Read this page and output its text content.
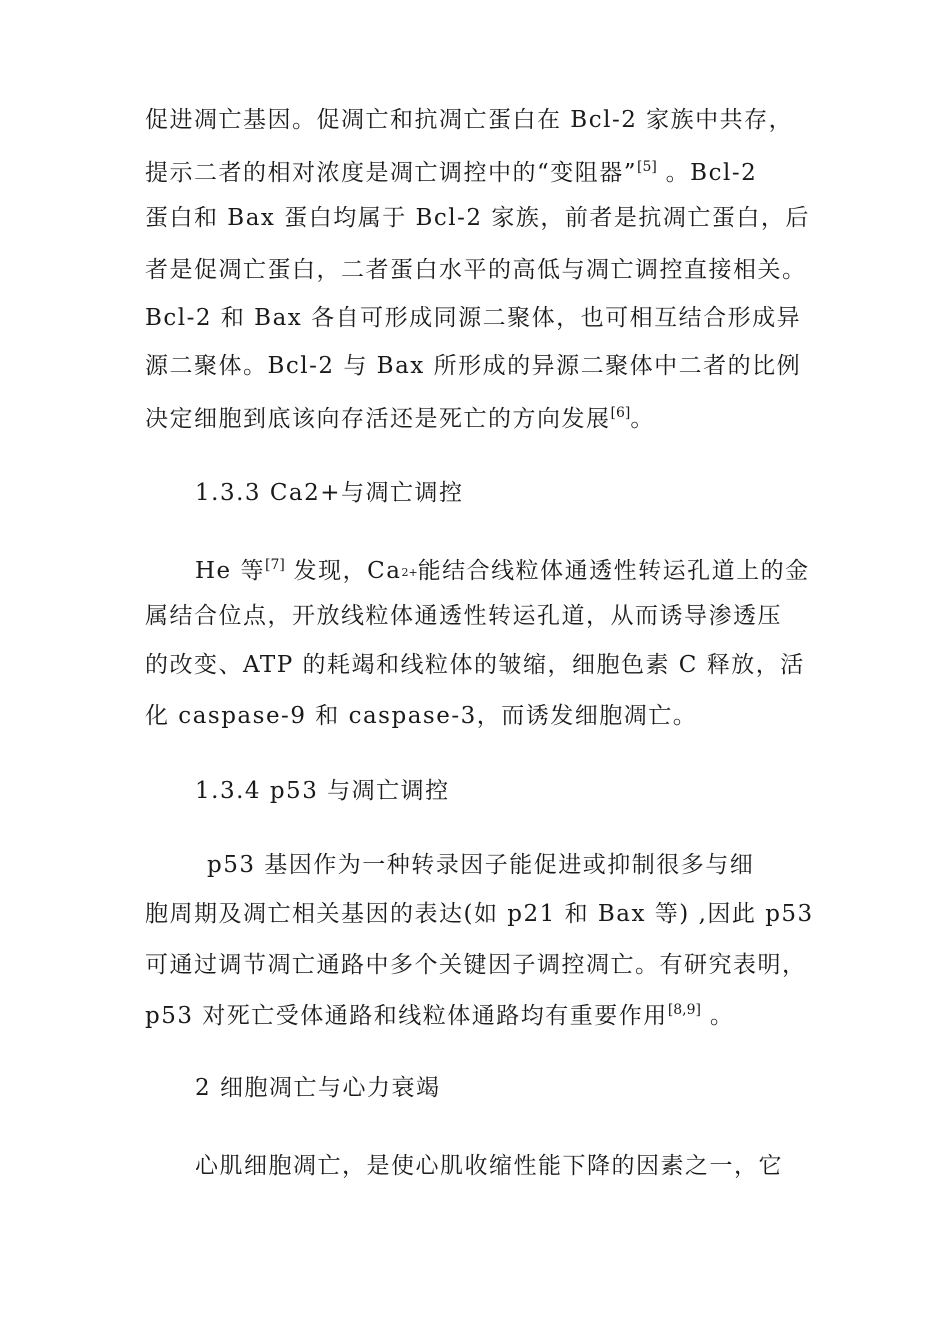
促进凋亡基因。促凋亡和抗凋亡蛋白在 Bcl-2 家族中共存，
提示二者的相对浓度是凋亡调控中的“变阻器”[5] 。Bcl-2
蛋白和 Bax 蛋白均属于 Bcl-2 家族，前者是抗凋亡蛋白，后
者是促凋亡蛋白，二者蛋白水平的高低与凋亡调控直接相关。
Bcl-2 和 Bax 各自可形成同源二聚体，也可相互结合形成异
源二聚体。Bcl-2 与 Bax 所形成的异源二聚体中二者的比例
决定细胞到底该向存活还是死亡的方向发展[6]。
1.3.3 Ca2+与凋亡调控
He 等[7] 发现，$Ca^{2+}$能结合线粒体通透性转运孔道上的金
属结合位点，开放线粒体通透性转运孔道，从而诱导渗透压
的改变、ATP 的耗竭和线粒体的皱缩，细胞色素 C 释放，活
化 caspase-9 和 caspase-3，而诱发细胞凋亡。
1.3.4 p53 与凋亡调控
p53 基因作为一种转录因子能促进或抑制很多与细
胞周期及凋亡相关基因的表达(如 p21 和 Bax 等) ,因此 p53
可通过调节凋亡通路中多个关键因子调控凋亡。有研究表明，
p53 对死亡受体通路和线粒体通路均有重要作用[8,9] 。
2 细胞凋亡与心力衰竭
心肌细胞凋亡，是使心肌收缩性能下降的因素之一，它
